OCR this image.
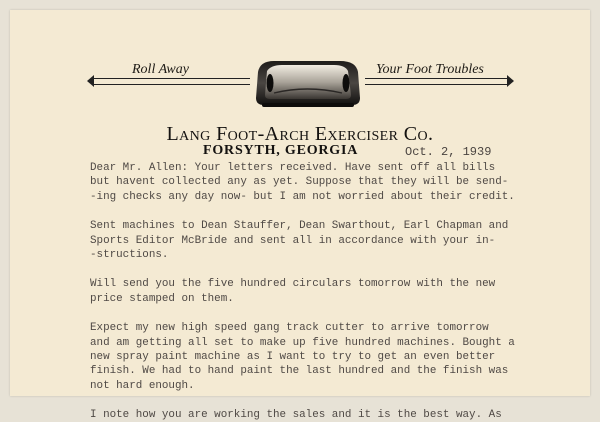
Roll Away	Your Foot Troubles
Lang Foot-Arch Exerciser Co.
FORSYTH, GEORGIA	Oct. 2, 1939
Dear Mr. Allen: Your letters received. Have sent off all bills
but havent collected any as yet. Suppose that they will be send-
-ing checks any day now- but I am not worried about their credit.
Sent machines to Dean Stauffer, Dean Swarthout, Earl Chapman and
Sports Editor McBride and sent all in accordance with your in-
-structions.
Will send you the five hundred circulars tomorrow with the new
price stamped on them.
Expect my new high speed gang track cutter to arrive tomorrow
and am getting all set to make up five hundred machines. Bought a
new spray paint machine as I want to try to get an even better
finish. We had to hand paint the last hundred and the finish was
not hard enough.
I note how you are working the sales and it is the best way. As
